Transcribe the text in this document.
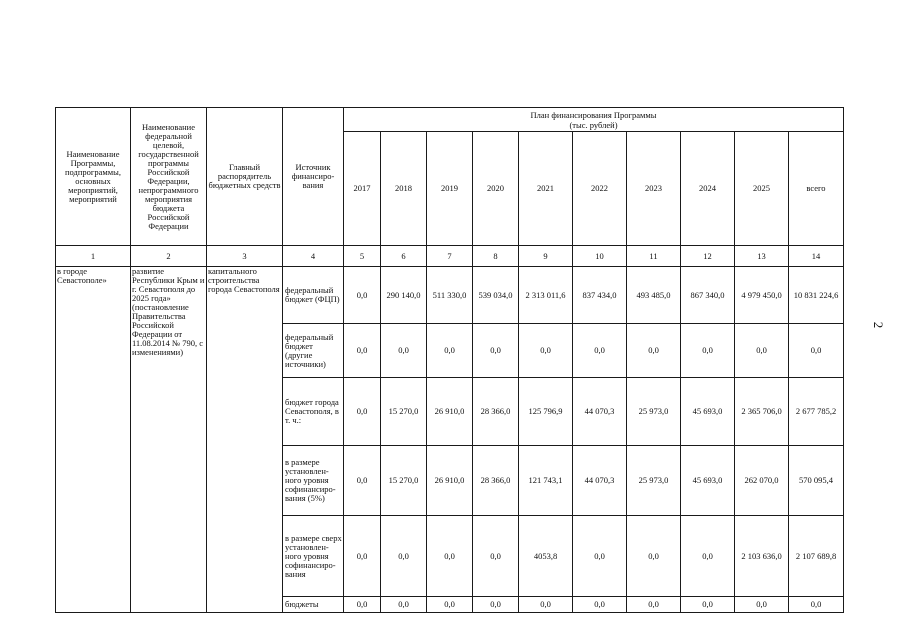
2
Наименование Программы, подпрограммы, основных мероприятий, мероприятий	Наименование федеральной целевой, государственной программы Российской Федерации, непрограммного мероприятия бюджета Российской Федерации	Главный распорядитель бюджетных средств	Источник финансиро- вания	План финансирования Программы
(тыс. рублей)									

				2017	2018	2019	2020	2021	2022	2023	2024	2025	всего
1	2	3	4	5	6	7	8	9	10	11	12	13	14
в городе Севастополе»	развитие Республики Крым и г. Севастополя до 2025 года» (постановление Правительства Российской Федерации от 11.08.2014 № 790, с изменениями)	капитального строительства города Севастополя	федеральный бюджет (ФЦП)	0,0	290 140,0	511 330,0	539 034,0	2 313 011,6	837 434,0	493 485,0	867 340,0	4 979 450,0	10 831 224,6
			федеральный бюджет (другие источники)	0,0	0,0	0,0	0,0	0,0	0,0	0,0	0,0	0,0	0,0
			бюджет города Севастополя, в т. ч.:	0,0	15 270,0	26 910,0	28 366,0	125 796,9	44 070,3	25 973,0	45 693,0	2 365 706,0	2 677 785,2
			в размере установлен- ного уровня софинансиро- вания (5%)	0,0	15 270,0	26 910,0	28 366,0	121 743,1	44 070,3	25 973,0	45 693,0	262 070,0	570 095,4
			в размере сверх установлен- ного уровня софинансиро- вания	0,0	0,0	0,0	0,0	4053,8	0,0	0,0	0,0	2 103 636,0	2 107 689,8
			бюджеты	0,0	0,0	0,0	0,0	0,0	0,0	0,0	0,0	0,0	0,0
